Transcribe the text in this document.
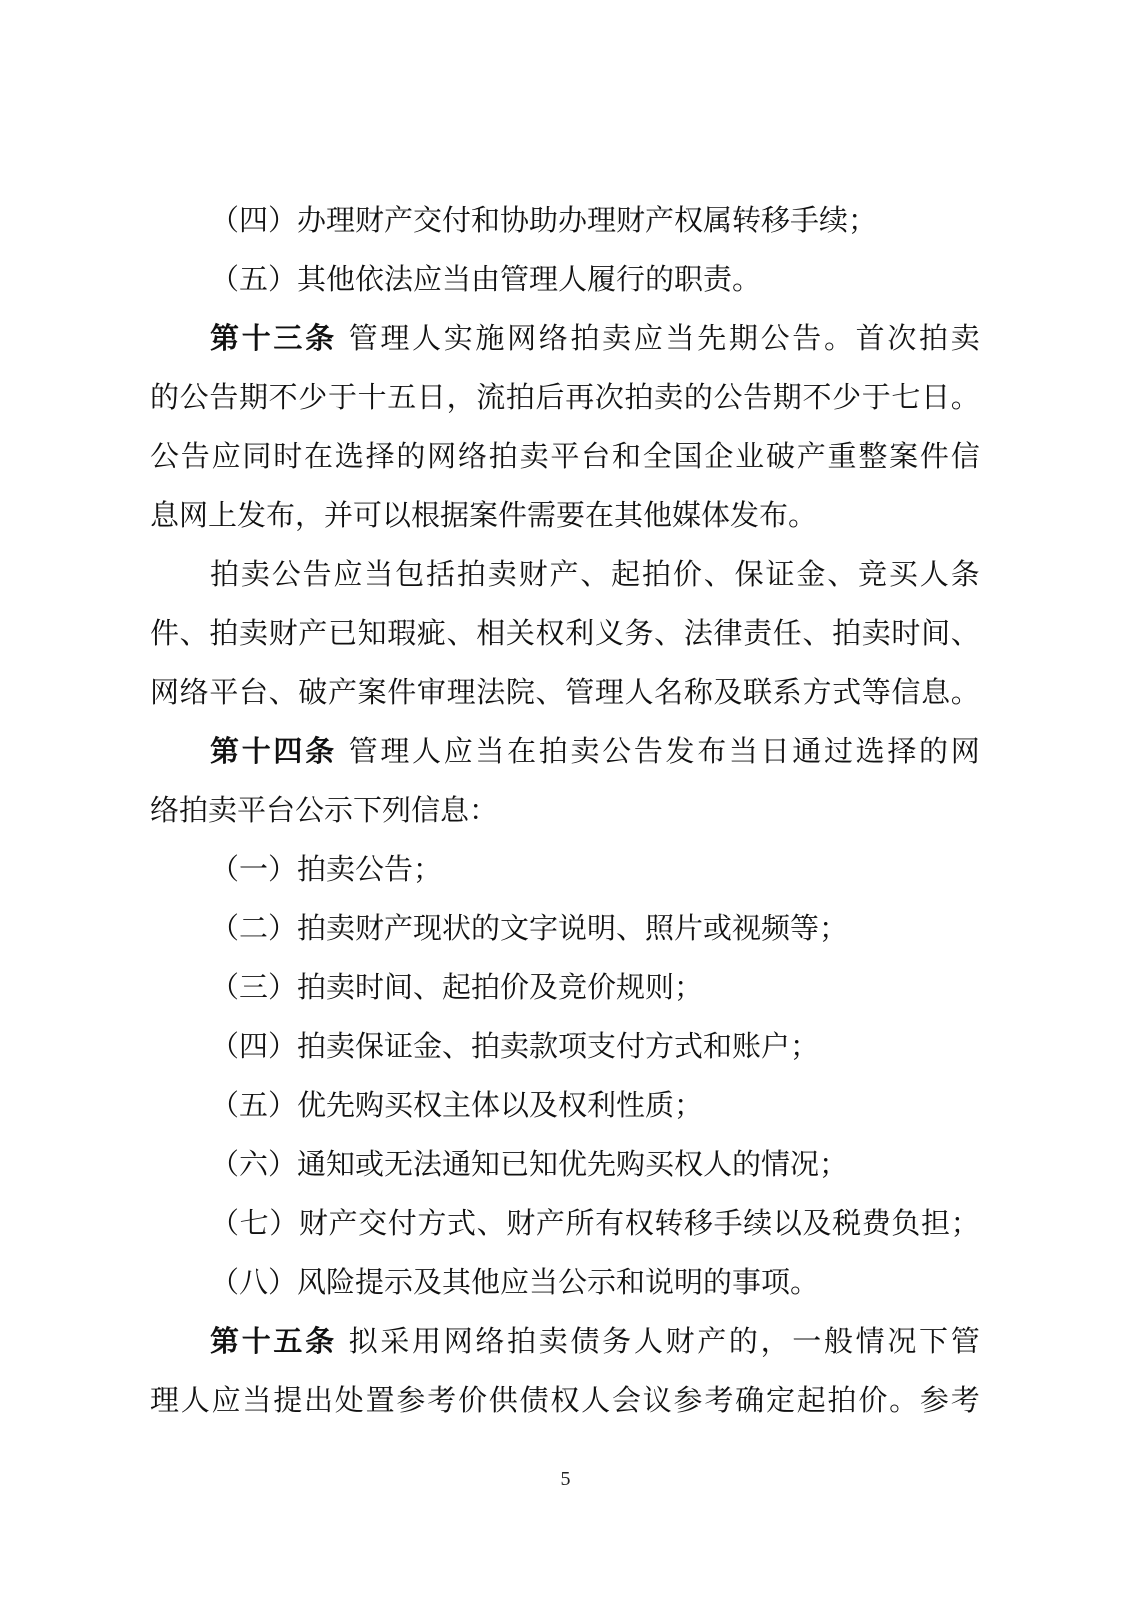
（四）办理财产交付和协助办理财产权属转移手续；
（五）其他依法应当由管理人履行的职责。
第 十 三 条
管 理 人 实 施 网 络 拍 卖 应 当 先 期 公 告 。 首 次 拍 卖
的 公 告 期 不 少 于 十 五 日 ， 流 拍 后 再 次 拍 卖 的 公 告 期 不 少 于 七 日 。
公 告 应 同 时 在 选 择 的 网 络 拍 卖 平 台 和 全 国 企 业 破 产 重 整 案 件 信
息网上发布，并可以根据案件需要在其他媒体发布。
拍 卖 公 告 应 当 包 括 拍 卖 财 产 、 起 拍 价 、 保 证 金 、 竞 买 人 条
件 、 拍 卖 财 产 已 知 瑕 疵 、 相 关 权 利 义 务 、 法 律 责 任 、 拍 卖 时 间 、
网 络 平 台 、 破 产 案 件 审 理 法 院 、 管 理 人 名 称 及 联 系 方 式 等 信 息 。
第 十 四 条
管 理 人 应 当 在 拍 卖 公 告 发 布 当 日 通 过 选 择 的 网
络拍卖平台公示下列信息：
（一）拍卖公告；
（二）拍卖财产现状的文字说明、照片或视频等；
（三）拍卖时间、起拍价及竞价规则；
（四）拍卖保证金、拍卖款项支付方式和账户；
（五）优先购买权主体以及权利性质；
（六）通知或无法通知已知优先购买权人的情况；
（ 七 ） 财 产 交 付 方 式 、 财 产 所 有 权 转 移 手 续 以 及 税 费 负 担 ；
（八）风险提示及其他应当公示和说明的事项。
第 十 五 条
拟 采 用 网 络 拍 卖 债 务 人 财 产 的 ， 一 般 情 况 下 管
理 人 应 当 提 出 处 置 参 考 价 供 债 权 人 会 议 参 考 确 定 起 拍 价 。 参 考
5
